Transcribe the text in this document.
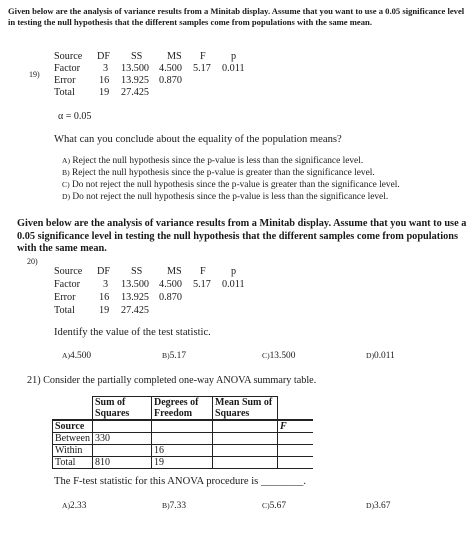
Given below are the analysis of variance results from a Minitab display. Assume that you want to use a 0.05 significance level in testing the null hypothesis that the different samples come from populations with the same mean.
19)
Source DF SS MS F p
Factor 3 13.500 4.500 5.17 0.011
Error 16 13.925 0.870
Total 19 27.425
α = 0.05
What can you conclude about the equality of the population means?
A) Reject the null hypothesis since the p-value is less than the significance level.
B) Reject the null hypothesis since the p-value is greater than the significance level.
C) Do not reject the null hypothesis since the p-value is greater than the significance level.
D) Do not reject the null hypothesis since the p-value is less than the significance level.
Given below are the analysis of variance results from a Minitab display. Assume that you want to use a 0.05 significance level in testing the null hypothesis that the different samples come from populations with the same mean.
20)
Source DF SS MS F p
Factor 3 13.500 4.500 5.17 0.011
Error 16 13.925 0.870
Total 19 27.425
Identify the value of the test statistic.
A)4.500	B)5.17	C)13.500	D)0.011
21) Consider the partially completed one-way ANOVA summary table.
	Sum of Squares	Degrees of Freedom	Mean Sum of Squares	

Source				F
Between	330			
Within		16		
Total	810	19		
The F-test statistic for this ANOVA procedure is ________.
A)2.33	B)7.33	C)5.67	D)3.67
